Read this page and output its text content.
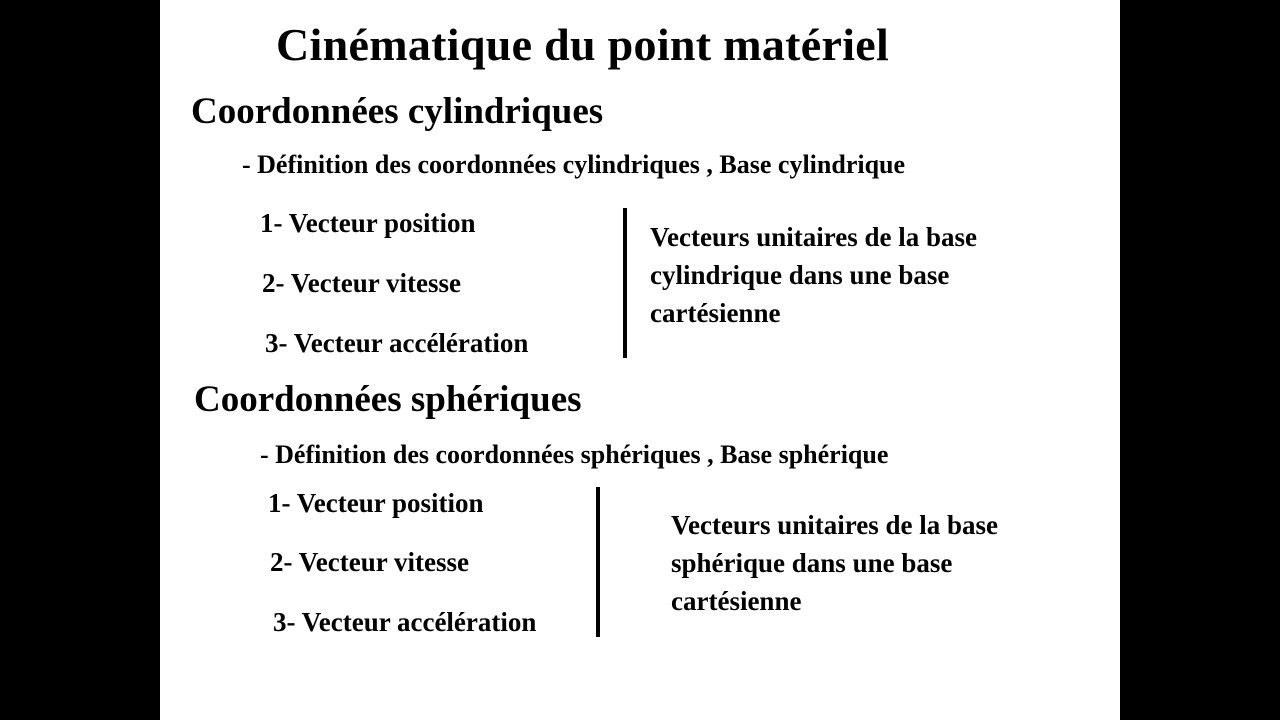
Cinématique du point matériel
Coordonnées cylindriques
- Définition des coordonnées cylindriques , Base cylindrique
1- Vecteur position
2- Vecteur vitesse
3- Vecteur accélération
Vecteurs unitaires de la base
cylindrique dans une base
cartésienne
Coordonnées sphériques
- Définition des coordonnées sphériques , Base sphérique
1- Vecteur position
2- Vecteur vitesse
3- Vecteur accélération
Vecteurs unitaires de la base
sphérique dans une base
cartésienne
